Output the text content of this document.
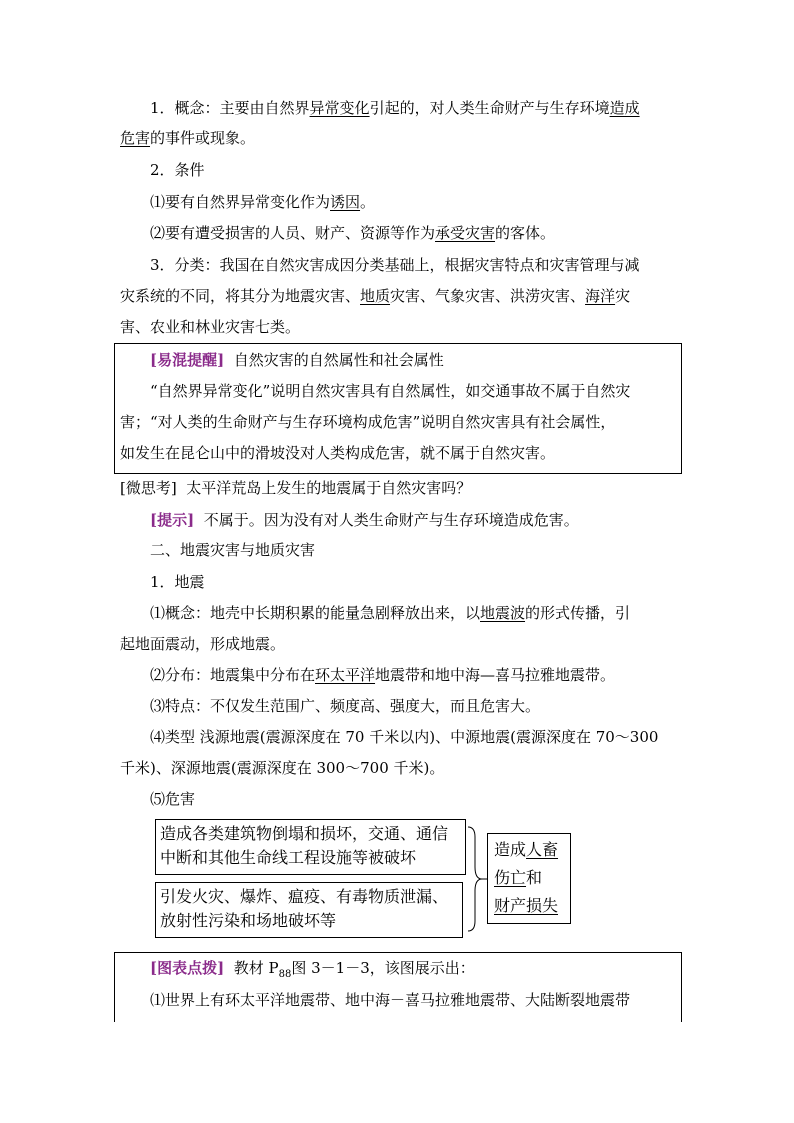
1．概念：主要由自然界异常变化引起的，对人类生命财产与生存环境造成
危害的事件或现象。
2．条件
⑴要有自然界异常变化作为诱因。
⑵要有遭受损害的人员、财产、资源等作为承受灾害的客体。
3．分类：我国在自然灾害成因分类基础上，根据灾害特点和灾害管理与减
灾系统的不同，将其分为地震灾害、地质灾害、气象灾害、洪涝灾害、海洋灾
害、农业和林业灾害七类。
[易混提醒] 自然灾害的自然属性和社会属性
“自然界异常变化”说明自然灾害具有自然属性，如交通事故不属于自然灾
害；“对人类的生命财产与生存环境构成危害”说明自然灾害具有社会属性，
如发生在昆仑山中的滑坡没对人类构成危害，就不属于自然灾害。
[微思考] 太平洋荒岛上发生的地震属于自然灾害吗？
[提示] 不属于。因为没有对人类生命财产与生存环境造成危害。
二、地震灾害与地质灾害
1．地震
⑴概念：地壳中长期积累的能量急剧释放出来，以地震波的形式传播，引
起地面震动，形成地震。
⑵分布：地震集中分布在环太平洋地震带和地中海—喜马拉雅地震带。
⑶特点：不仅发生范围广、频度高、强度大，而且危害大。
⑷类型 浅源地震(震源深度在 70 千米以内)、中源地震(震源深度在 70～300
千米)、深源地震(震源深度在 300～700 千米)。
⑸危害
造成各类建筑物倒塌和损坏，交通、通信
中断和其他生命线工程设施等被破坏
引发火灾、爆炸、瘟疫、有毒物质泄漏、
放射性污染和场地破坏等
造成人畜
伤亡和
财产损失
[图表点拨] 教材 $P_{88}$图 3－1－3，该图展示出：
⑴世界上有环太平洋地震带、地中海－喜马拉雅地震带、大陆断裂地震带
